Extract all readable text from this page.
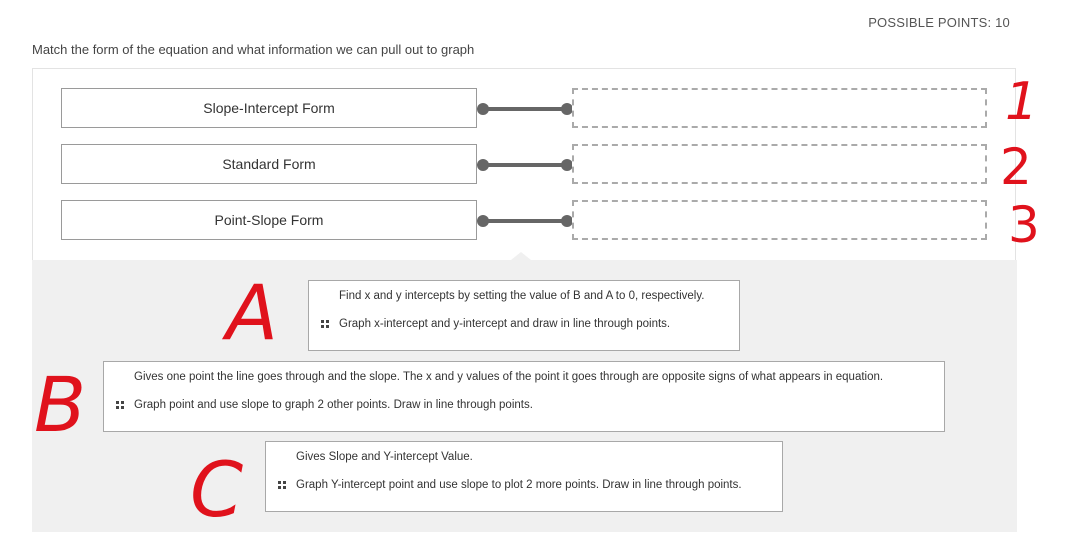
POSSIBLE POINTS: 10
Match the form of the equation and what information we can pull out to graph
Slope-Intercept Form
Standard Form
Point-Slope Form
Find x and y intercepts by setting the value of B and A to 0, respectively.
Graph x-intercept and y-intercept and draw in line through points.
Gives one point the line goes through and the slope. The x and y values of the point it goes through are opposite signs of what appears in equation.
Graph point and use slope to graph 2 other points. Draw in line through points.
Gives Slope and Y-intercept Value.
Graph Y-intercept point and use slope to plot 2 more points. Draw in line through points.
1
2
3
A
B
C
